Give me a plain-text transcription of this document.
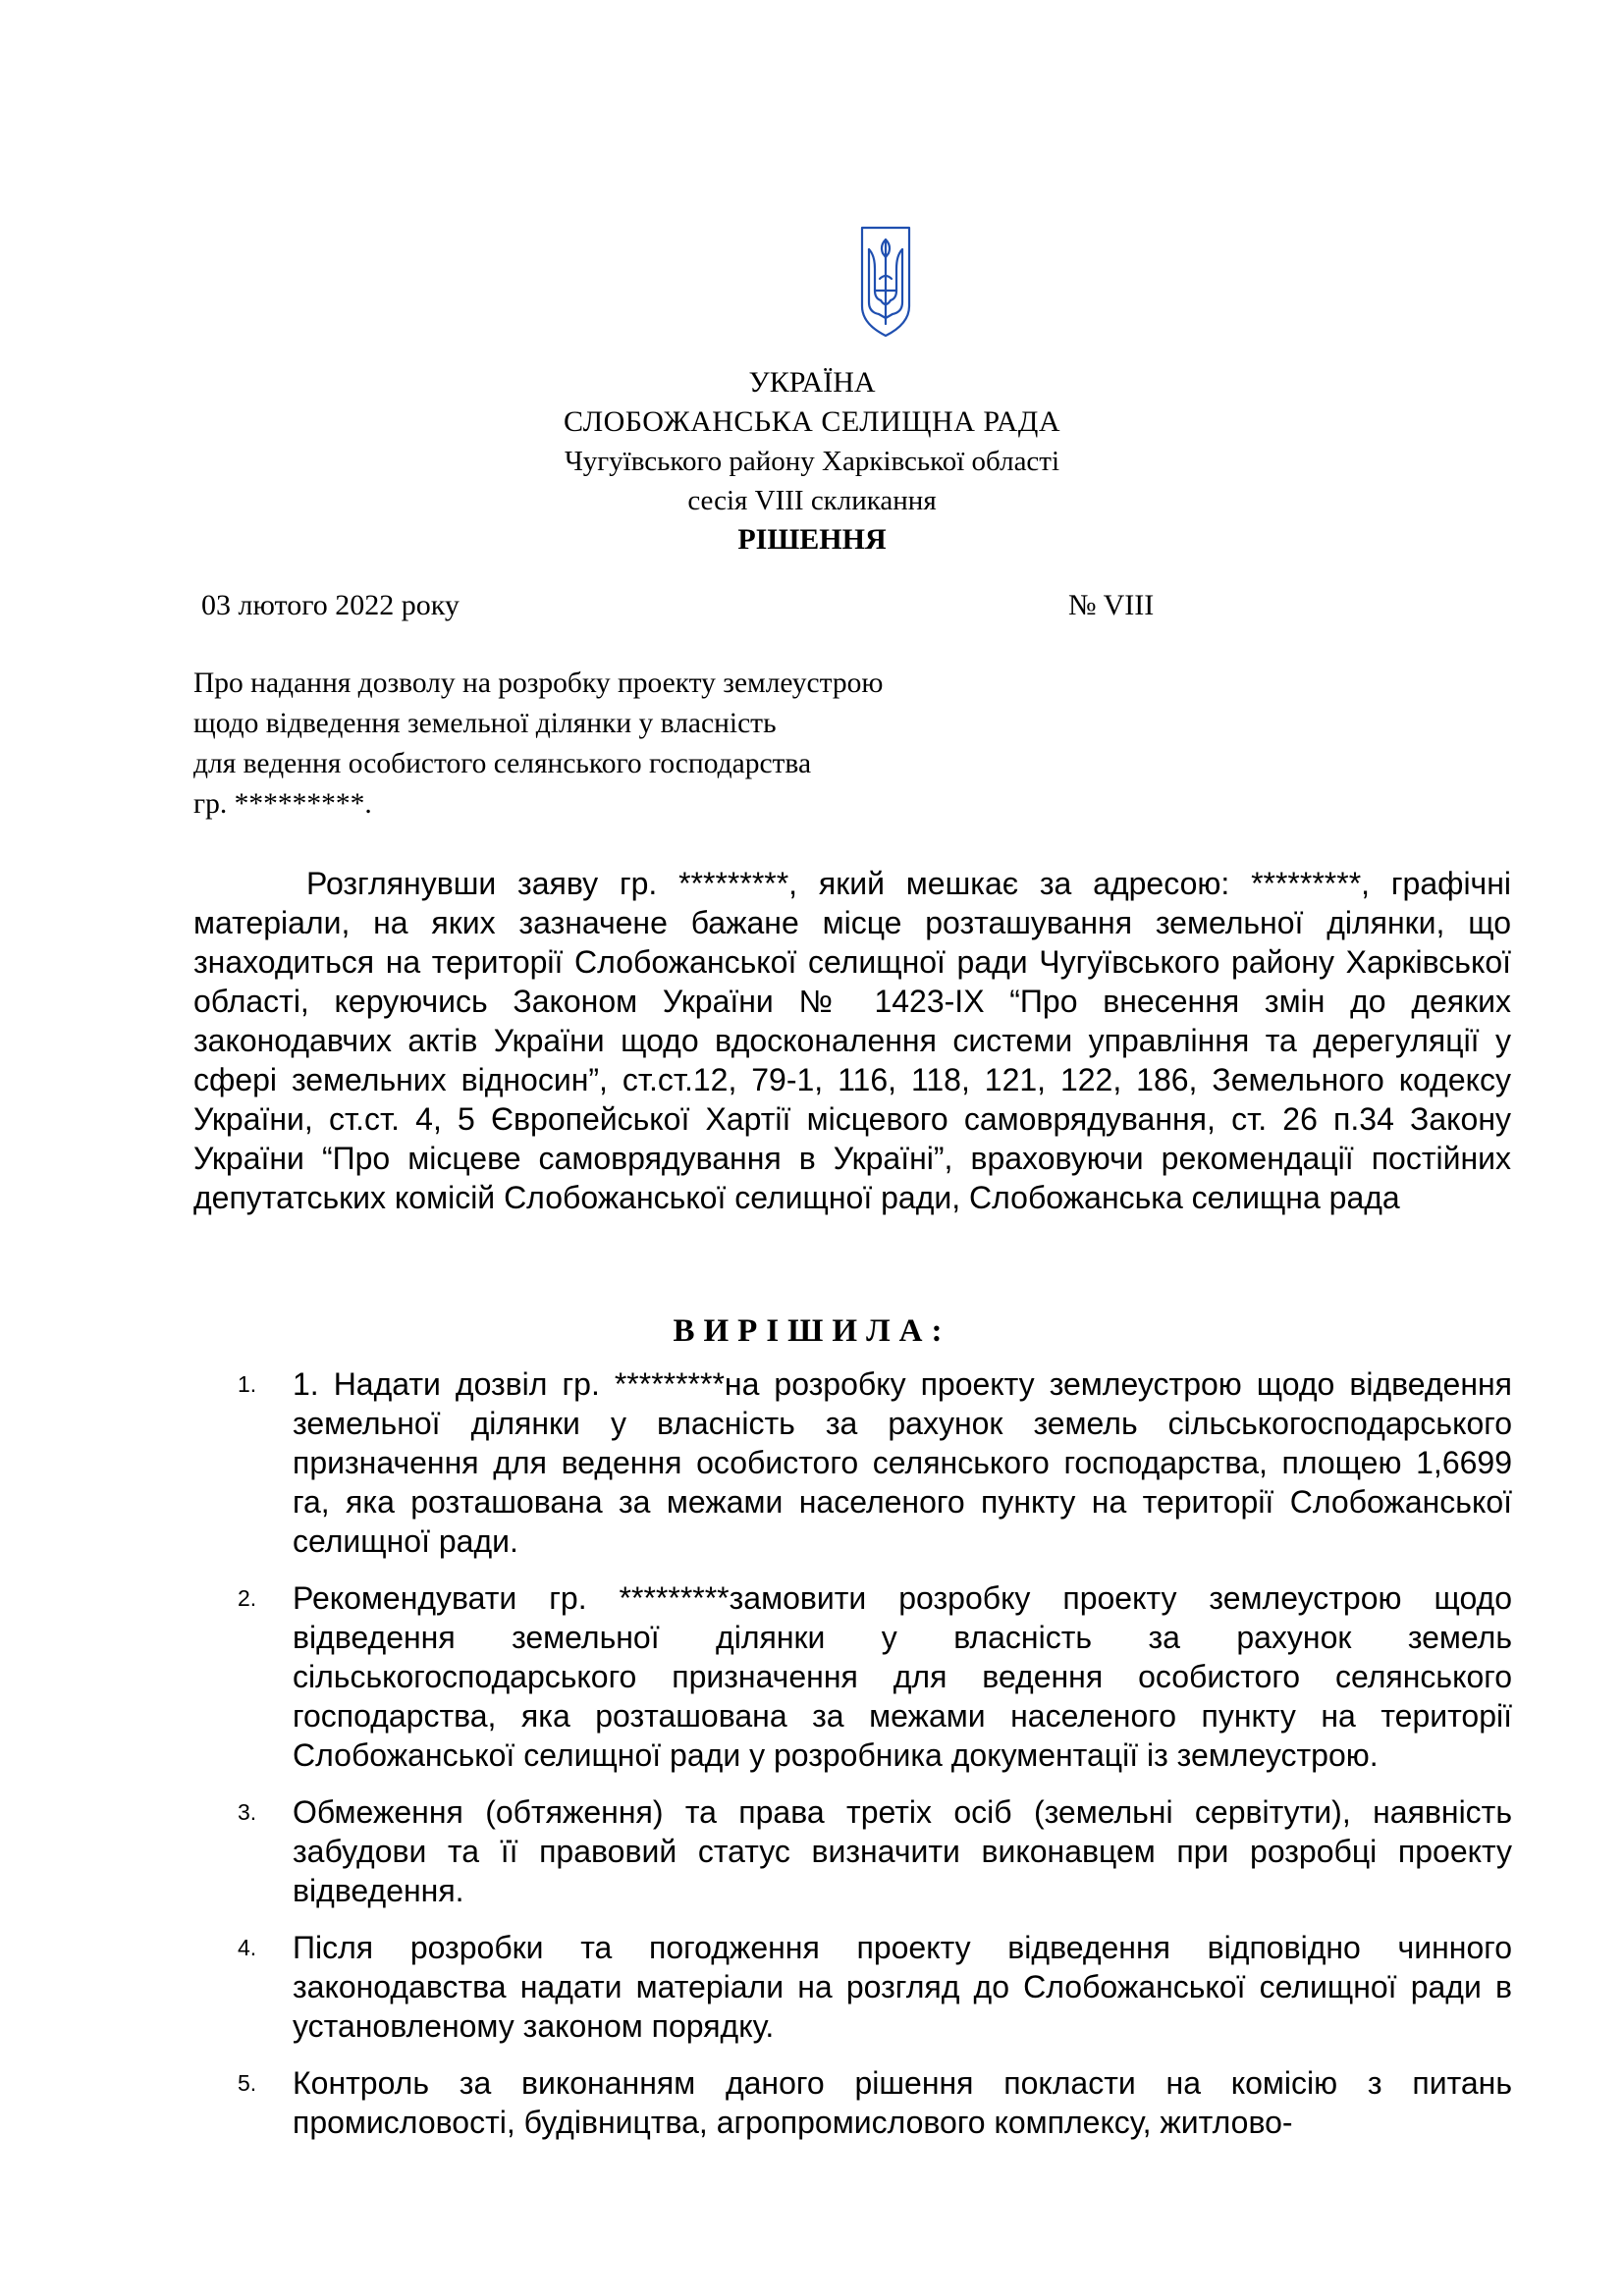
УКРАЇНА
СЛОБОЖАНСЬКА СЕЛИЩНА РАДА
Чугуївського району Харківської області
сесія VIII скликання
РІШЕННЯ
03 лютого 2022 року	№ VIII
Про надання дозволу на розробку проекту землеустрою
щодо відведення земельної ділянки у власність
для ведення особистого селянського господарства
гр. *********.

Розглянувши заяву гр. *********, який мешкає за адресою: *********, графічні матеріали, на яких зазначене бажане місце розташування земельної ділянки, що знаходиться на території Слобожанської селищної ради Чугуївського району Харківської області, керуючись Законом України № 1423-IX “Про внесення змін до деяких законодавчих актів України щодо вдосконалення системи управління та дерегуляції у сфері земельних відносин”, ст.ст.12, 79-1, 116, 118, 121, 122, 186, Земельного кодексу України, ст.ст. 4, 5 Європейської Хартії місцевого самоврядування, ст. 26 п.34 Закону України “Про місцеве самоврядування в Україні”, враховуючи рекомендації постійних депутатських комісій Слобожанської селищної ради, Слобожанська селищна рада

ВИРІШИЛА:
1. 1. Надати дозвіл гр. *********на розробку проекту землеустрою щодо відведення земельної ділянки у власність за рахунок земель сільськогосподарського призначення для ведення особистого селянського господарства, площею 1,6699 га, яка розташована за межами населеного пункту на території Слобожанської селищної ради.

2. Рекомендувати гр. *********замовити розробку проекту землеустрою щодо відведення земельної ділянки у власність за рахунок земель сільськогосподарського призначення для ведення особистого селянського господарства, яка розташована за межами населеного пункту на території Слобожанської селищної ради у розробника документації із землеустрою.

3. Обмеження (обтяження) та права третіх осіб (земельні сервітути), наявність забудови та її правовий статус визначити виконавцем при розробці проекту відведення.

4. Після розробки та погодження проекту відведення відповідно чинного законодавства надати матеріали на розгляд до Слобожанської селищної ради в установленому законом порядку.

5. Контроль за виконанням даного рішення покласти на комісію з питань промисловості, будівництва, агропромислового комплексу, житлово-
